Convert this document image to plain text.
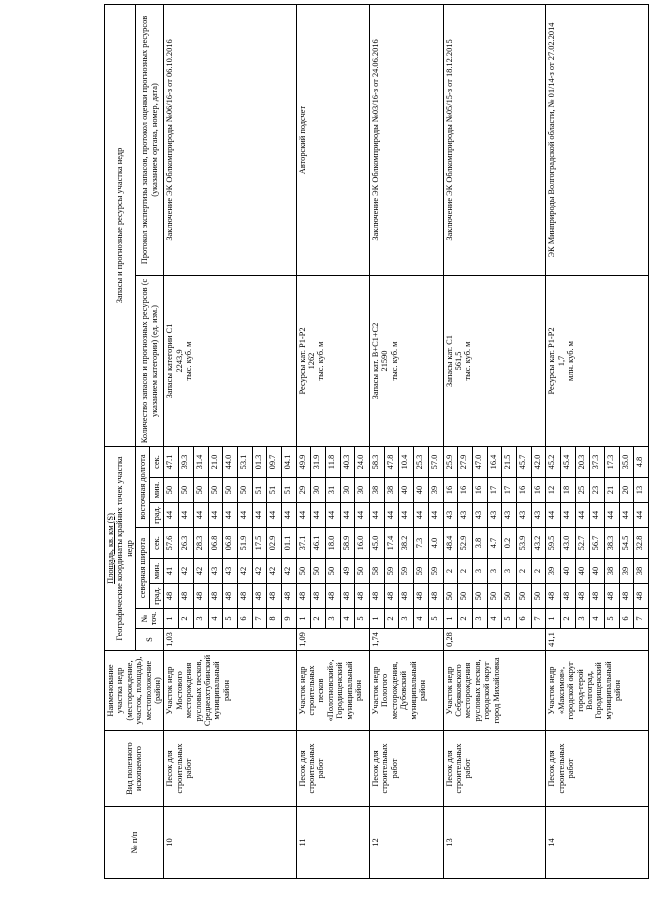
№ п/п	Вид полезного ископаемого	Наименование участка недр (месторождение, участок, площадь), местоположение (район)	Площадь, кв. км (S) Географические координаты крайних точек участка недр								Запасы и прогнозные ресурсы участка недр	
			S	№ точ.	северная широта			восточная долгота			Количество запасов и прогнозных ресурсов (с указанием категории) (ед. изм.)	Протокол экспертизы запасов, протокол оценки прогнозных ресурсов (указанием органа, номер, дата)
					град.	мин.	сек.	град.	мин.	сек.		

10	Песок для строительных работ	Участок недр Мостового месторождения русловых песков, Среднеахтубинский муниципальный район	1,03	1	48	41	57.6	44	50	47.1	Запасы категории C1 2243,9 тыс. куб. м	Заключение ЭК Облкомприроды №06/16-з от 06.10.2016
				2	48	42	26.3	44	50	39.3		
				3	48	42	28.3	44	50	31.4		
				4	48	43	06.8	44	50	21.0		
				5	48	43	06.8	44	50	44.0		
				6	48	42	51.9	44	50	53.1		
				7	48	42	17.5	44	51	01.3		
				8	48	42	02.9	44	51	09.7		
				9	48	42	01.1	44	51	04.1		
11	Песок для строительных работ	Участок недр строительных песков «Полотновский», Городищенский муниципальный район	1,09	1	48	50	37.1	44	29	49.9	Ресурсы кат. P1-P2 1262 тыс. куб. м	Авторский подсчет
				2	48	50	46.1	44	30	31.9		
				3	48	50	18.0	44	31	11.8		
				4	48	49	58.9	44	30	40.3		
				5	48	50	16.0	44	30	24.0		
12	Песок для строительных работ	Участок недр Пологого месторождения, Дубовский муниципальный район	1,74	1	48	58	45.0	44	38	58.3	Запасы кат. B+C1+C2 21590 тыс. куб. м	Заключение ЭК Облкомприроды №03/16-з от 24.06.2016
				2	48	59	17.4	44	38	47.8		
				3	48	59	38.2	44	40	10.4		
				4	48	59	7.3	44	40	25.3		
				5	48	59	4.0	44	39	57.0		
13	Песок для строительных работ	Участок недр Себряковского месторождения русловых песков, городской округ город Михайловка	0,28	1	50	2	48.4	43	16	25.9	Запасы кат. C1 561,5 тыс. куб. м	Заключение ЭК Облкомприроды №05/15-з от 18.12.2015
				2	50	2	52.9	43	16	27.9		
				3	50	3	3.8	43	16	47.0		
				4	50	3	4.7	43	17	16.4		
				5	50	3	0.2	43	17	21.5		
				6	50	2	53.9	43	16	45.7		
				7	50	2	43.2	43	16	42.0		
14	Песок для строительных работ	Участок недр «Максимов», городской округ город-герой Волгоград, Городищенский муниципальный район	41,1	1	48	39	59.5	44	12	45.2	Ресурсы кат. P1-P2 1,7 млн. куб. м	ЭК Минприроды Волгоградской области, № 01/14-з от 27.02.2014
				2	48	40	43.0	44	18	45.4		
				3	48	40	52.7	44	25	20.3		
				4	48	40	56.7	44	23	37.3		
				5	48	38	38.3	44	21	17.3		
				6	48	39	54.5	44	20	35.0		
				7	48	38	32.8	44	13	4.8		
